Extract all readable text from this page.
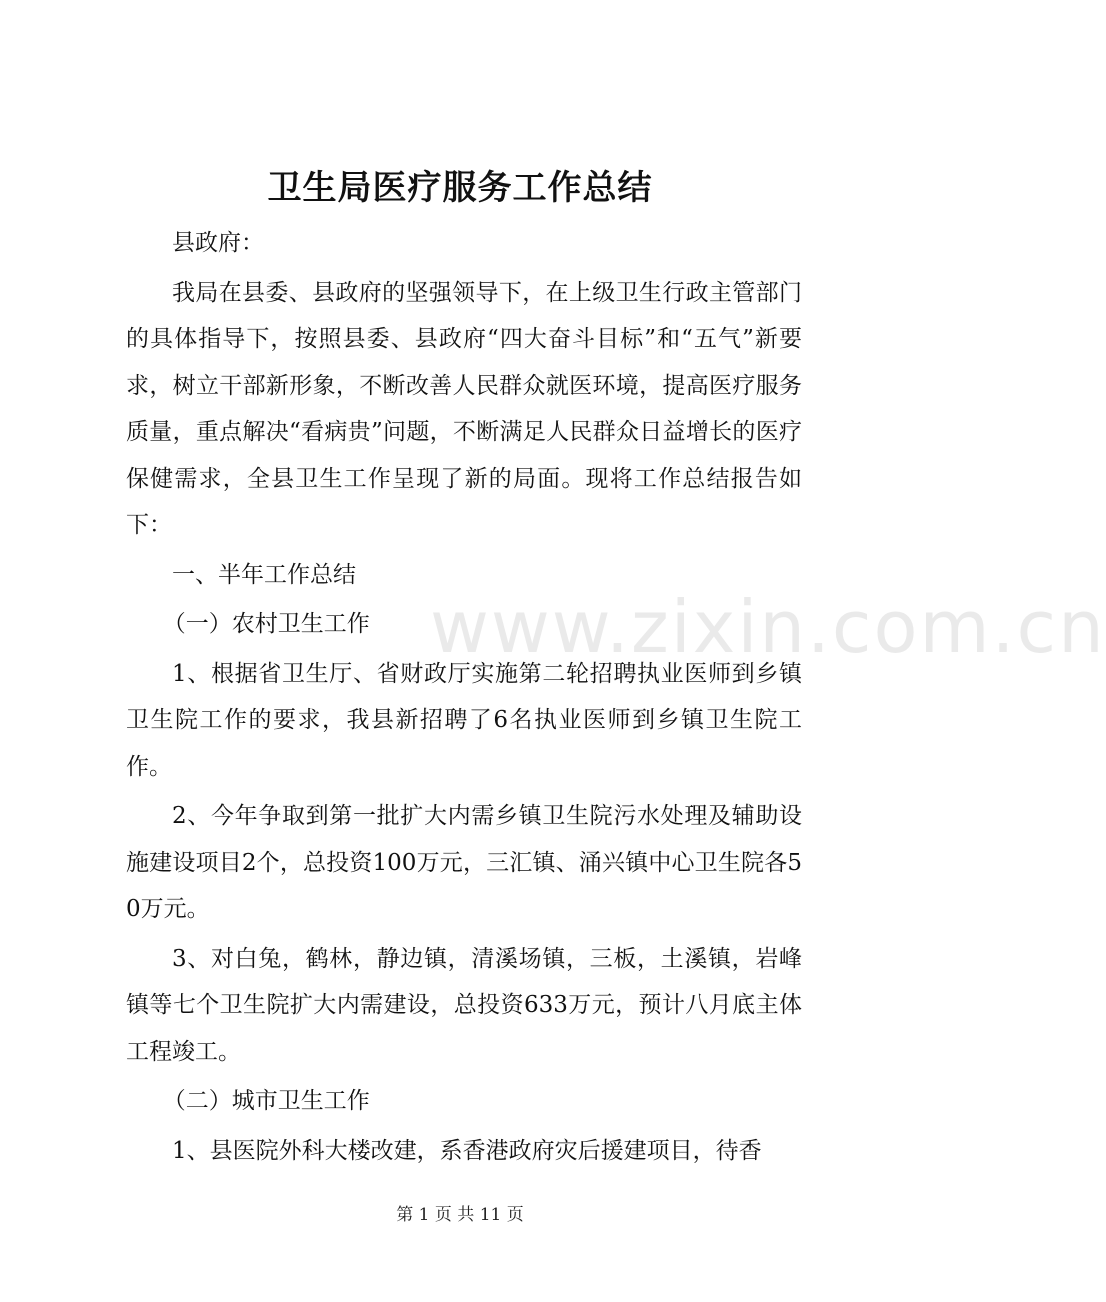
www.zixin.com.cn
卫生局医疗服务工作总结

县政府：

我局在县委、县政府的坚强领导下，在上级卫生行政主管部门的具体指导下，按照县委、县政府“四大奋斗目标”和“五气”新要求，树立干部新形象，不断改善人民群众就医环境，提高医疗服务质量，重点解决“看病贵”问题，不断满足人民群众日益增长的医疗保健需求，全县卫生工作呈现了新的局面。现将工作总结报告如下：

一、半年工作总结

（一）农村卫生工作

1、根据省卫生厅、省财政厅实施第二轮招聘执业医师到乡镇卫生院工作的要求，我县新招聘了6名执业医师到乡镇卫生院工作。

2、今年争取到第一批扩大内需乡镇卫生院污水处理及辅助设施建设项目2个，总投资100万元，三汇镇、涌兴镇中心卫生院各50万元。

3、对白兔，鹤林，静边镇，清溪场镇，三板，土溪镇，岩峰镇等七个卫生院扩大内需建设，总投资633万元，预计八月底主体工程竣工。

（二）城市卫生工作

1、县医院外科大楼改建，系香港政府灾后援建项目，待香

第 1 页 共 11 页
